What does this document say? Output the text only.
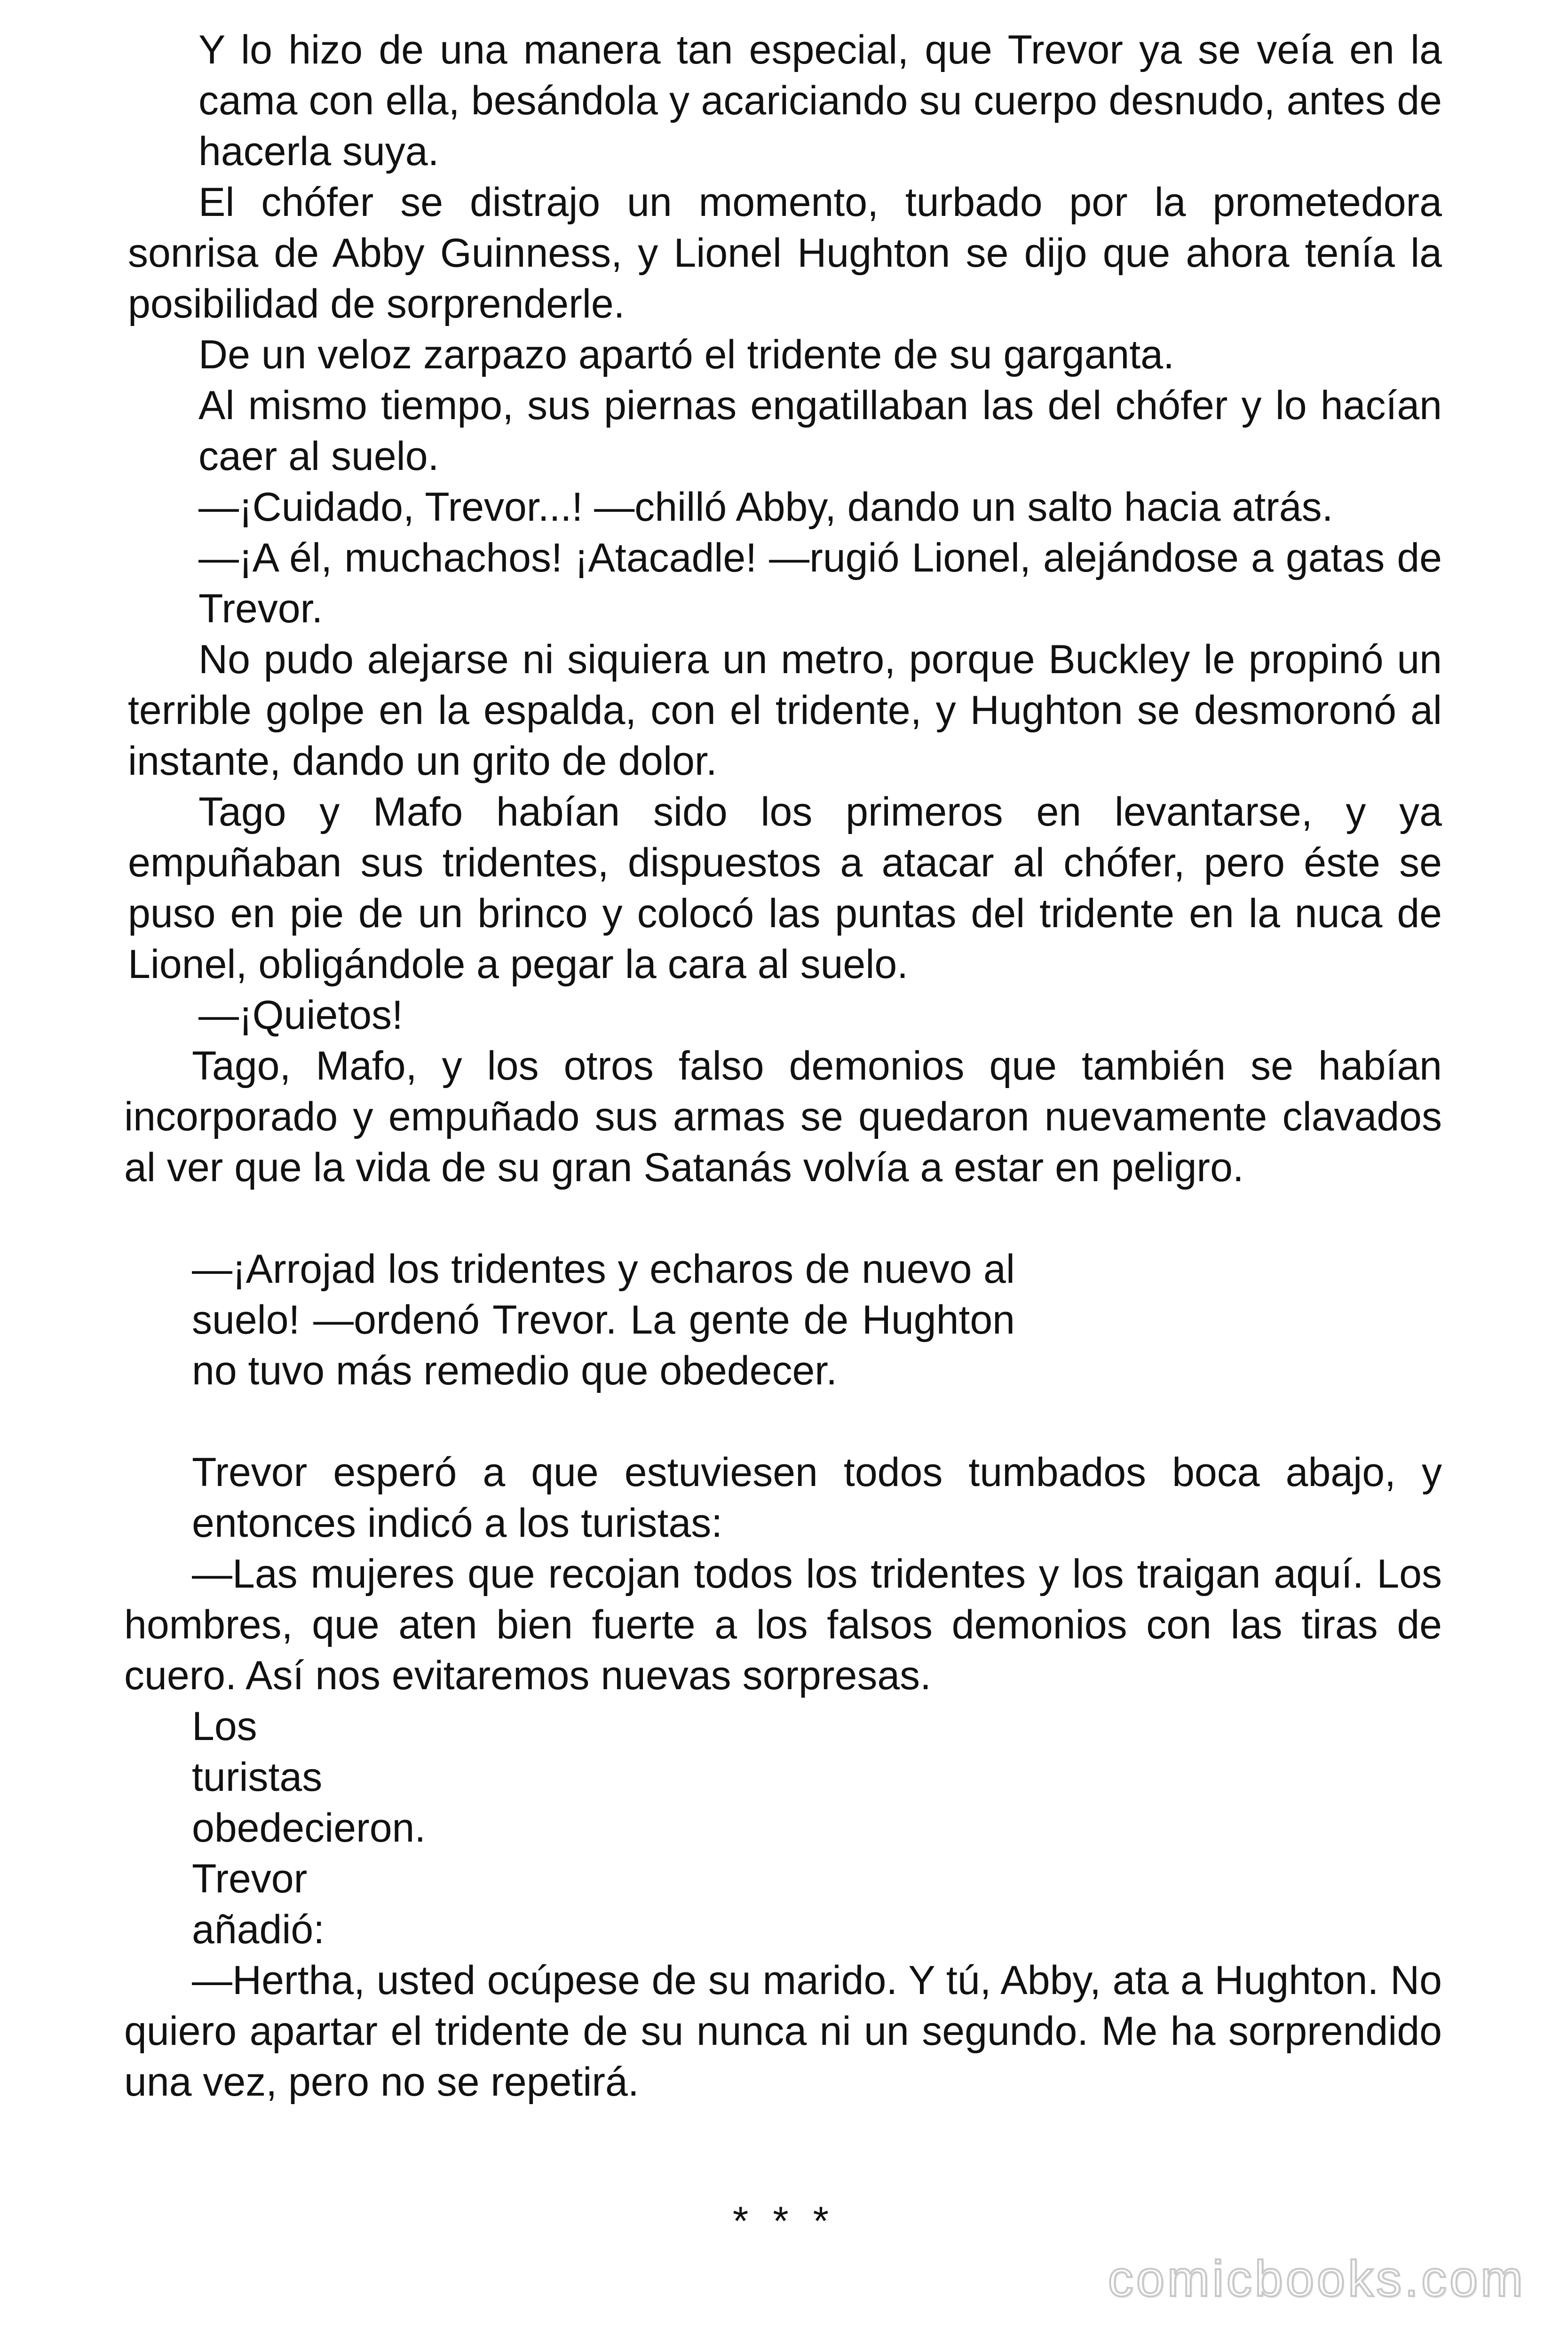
Y lo hizo de una manera tan especial, que Trevor ya se veía en la cama con ella, besándola y acariciando su cuerpo desnudo, antes de hacerla suya.

El chófer se distrajo un momento, turbado por la prometedora sonrisa de Abby Guinness, y Lionel Hughton se dijo que ahora tenía la posibilidad de sorprenderle.

De un veloz zarpazo apartó el tridente de su garganta.

Al mismo tiempo, sus piernas engatillaban las del chófer y lo hacían caer al suelo.

—¡Cuidado, Trevor...! —chilló Abby, dando un salto hacia atrás.

—¡A él, muchachos! ¡Atacadle! —rugió Lionel, alejándose a gatas de Trevor.

No pudo alejarse ni siquiera un metro, porque Buckley le propinó un terrible golpe en la espalda, con el tridente, y Hughton se desmoronó al instante, dando un grito de dolor.

Tago y Mafo habían sido los primeros en levantarse, y ya empuñaban sus tridentes, dispuestos a atacar al chófer, pero éste se puso en pie de un brinco y colocó las puntas del tridente en la nuca de Lionel, obligándole a pegar la cara al suelo.

—¡Quietos!

Tago, Mafo, y los otros falso demonios que también se habían incorporado y empuñado sus armas se quedaron nuevamente clavados al ver que la vida de su gran Satanás volvía a estar en peligro.

—¡Arrojad los tridentes y echaros de nuevo al suelo! —ordenó Trevor. La gente de Hughton no tuvo más remedio que obedecer.

Trevor esperó a que estuviesen todos tumbados boca abajo, y entonces indicó a los turistas:

—Las mujeres que recojan todos los tridentes y los traigan aquí. Los hombres, que aten bien fuerte a los falsos demonios con las tiras de cuero. Así nos evitaremos nuevas sorpresas.

Los
turistas
obedecieron.
Trevor
añadió:

—Hertha, usted ocúpese de su marido. Y tú, Abby, ata a Hughton. No quiero apartar el tridente de su nunca ni un segundo. Me ha sorprendido una vez, pero no se repetirá.

* * *
comicbooks.com
